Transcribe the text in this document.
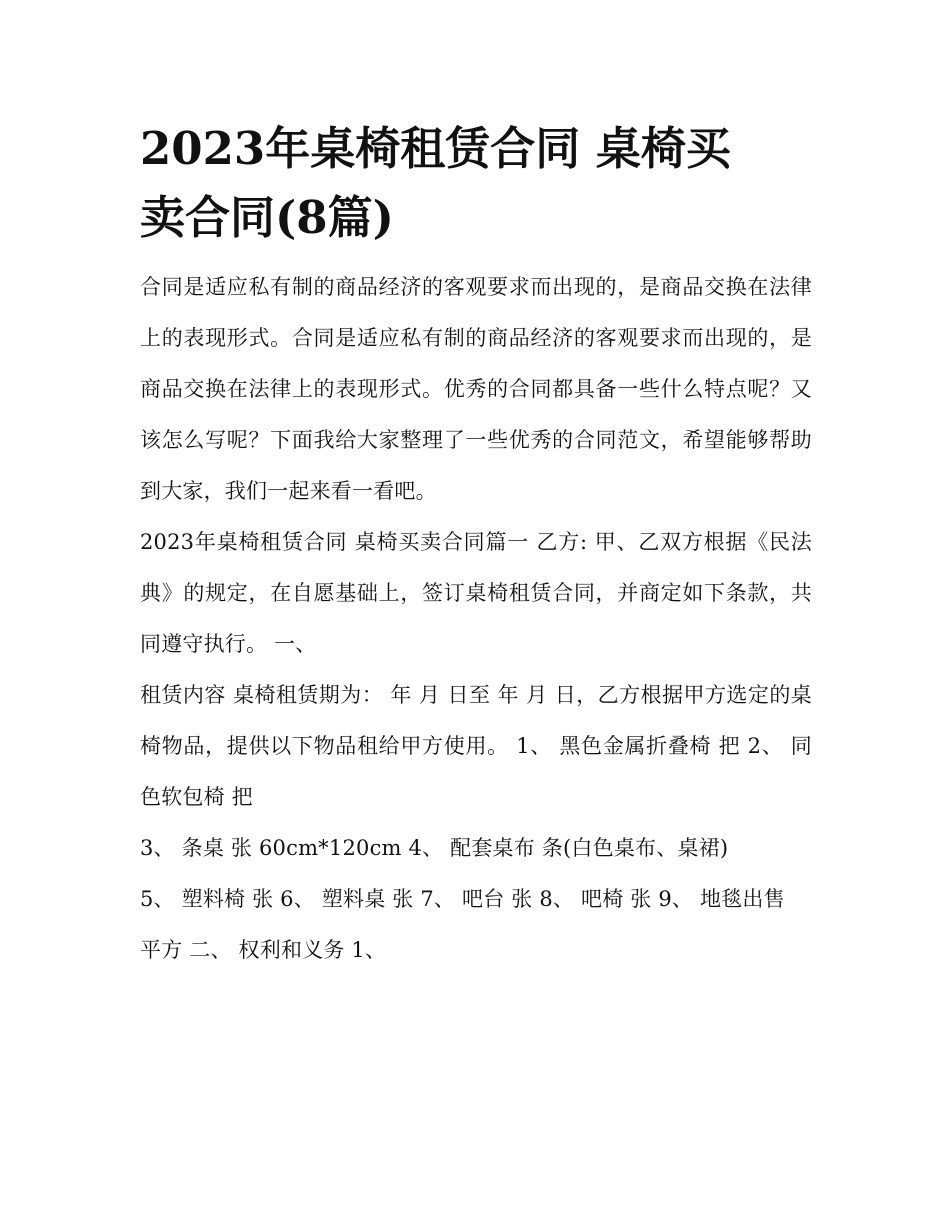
2023年桌椅租赁合同 桌椅买
卖合同(8篇)

合同是适应私有制的商品经济的客观要求而出现的，是商品交换在法律上的表现形式。合同是适应私有制的商品经济的客观要求而出现的，是商品交换在法律上的表现形式。优秀的合同都具备一些什么特点呢？又该怎么写呢？下面我给大家整理了一些优秀的合同范文，希望能够帮助到大家，我们一起来看一看吧。

2023年桌椅租赁合同 桌椅买卖合同篇一 乙方: 甲、乙双方根据《民法典》的规定，在自愿基础上，签订桌椅租赁合同，并商定如下条款，共同遵守执行。 一、

租赁内容 桌椅租赁期为： 年 月 日至 年 月 日，乙方根据甲方选定的桌椅物品，提供以下物品租给甲方使用。 1、 黑色金属折叠椅 把 2、 同色软包椅 把

3、 条桌 张 60cm*120cm 4、 配套桌布 条(白色桌布、桌裙)

5、 塑料椅 张 6、 塑料桌 张 7、 吧台 张 8、 吧椅 张 9、 地毯出售

平方 二、 权利和义务 1、
